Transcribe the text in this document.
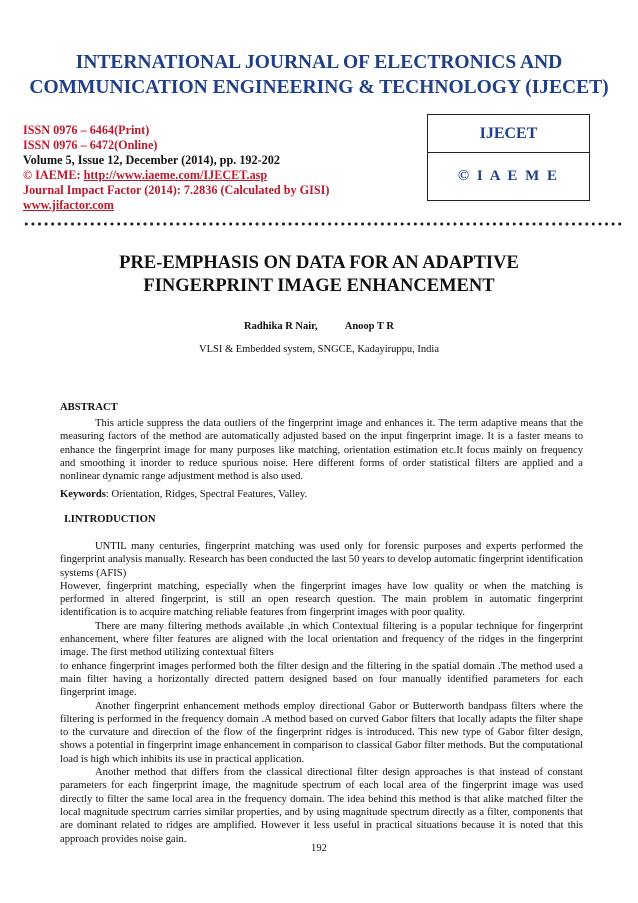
INTERNATIONAL JOURNAL OF ELECTRONICS AND
COMMUNICATION ENGINEERING & TECHNOLOGY (IJECET)
ISSN 0976 – 6464(Print)
ISSN 0976 – 6472(Online)
Volume 5, Issue 12, December (2014), pp. 192-202
© IAEME: http://www.iaeme.com/IJECET.asp
Journal Impact Factor (2014): 7.2836 (Calculated by GISI)
www.jifactor.com
IJECET
© I A E M E
PRE-EMPHASIS ON DATA FOR AN ADAPTIVE
FINGERPRINT IMAGE ENHANCEMENT
Radhika R Nair,	Anoop T R
VLSI & Embedded system, SNGCE, Kadayiruppu, India
ABSTRACT

This article suppress the data outliers of the fingerprint image and enhances it. The term adaptive means that the measuring factors of the method are automatically adjusted based on the input fingerprint image. It is a faster means to enhance the fingerprint image for many purposes like matching, orientation estimation etc.It focus mainly on frequency and smoothing it inorder to reduce spurious noise. Here different forms of order statistical filters are applied and a nonlinear dynamic range adjustment method is also used.

Keywords: Orientation, Ridges, Spectral Features, Valley.
I.INTRODUCTION

UNTIL many centuries, fingerprint matching was used only for forensic purposes and experts performed the fingerprint analysis manually. Research has been conducted the last 50 years to develop automatic fingerprint identification systems (AFIS)

However, fingerprint matching, especially when the fingerprint images have low quality or when the matching is performed in altered fingerprint, is still an open research question. The main problem in automatic fingerprint identification is to acquire matching reliable features from fingerprint images with poor quality.

There are many filtering methods available ,in which Contextual filtering is a popular technique for fingerprint enhancement, where filter features are aligned with the local orientation and frequency of the ridges in the fingerprint image. The first method utilizing contextual filters

to enhance fingerprint images performed both the filter design and the filtering in the spatial domain .The method used a main filter having a horizontally directed pattern designed based on four manually identified parameters for each fingerprint image.

Another fingerprint enhancement methods employ directional Gabor or Butterworth bandpass filters where the filtering is performed in the frequency domain .A method based on curved Gabor filters that locally adapts the filter shape to the curvature and direction of the flow of the fingerprint ridges is introduced. This new type of Gabor filter design, shows a potential in fingerprint image enhancement in comparison to classical Gabor filter methods. But the computational load is high which inhibits its use in practical application.

Another method that differs from the classical directional filter design approaches is that instead of constant parameters for each fingerprint image, the magnitude spectrum of each local area of the fingerprint image was used directly to filter the same local area in the frequency domain. The idea behind this method is that alike matched filter the local magnitude spectrum carries similar properties, and by using magnitude spectrum directly as a filter, components that are dominant related to ridges are amplified. However it less useful in practical situations because it is noted that this approach provides noise gain.

192
